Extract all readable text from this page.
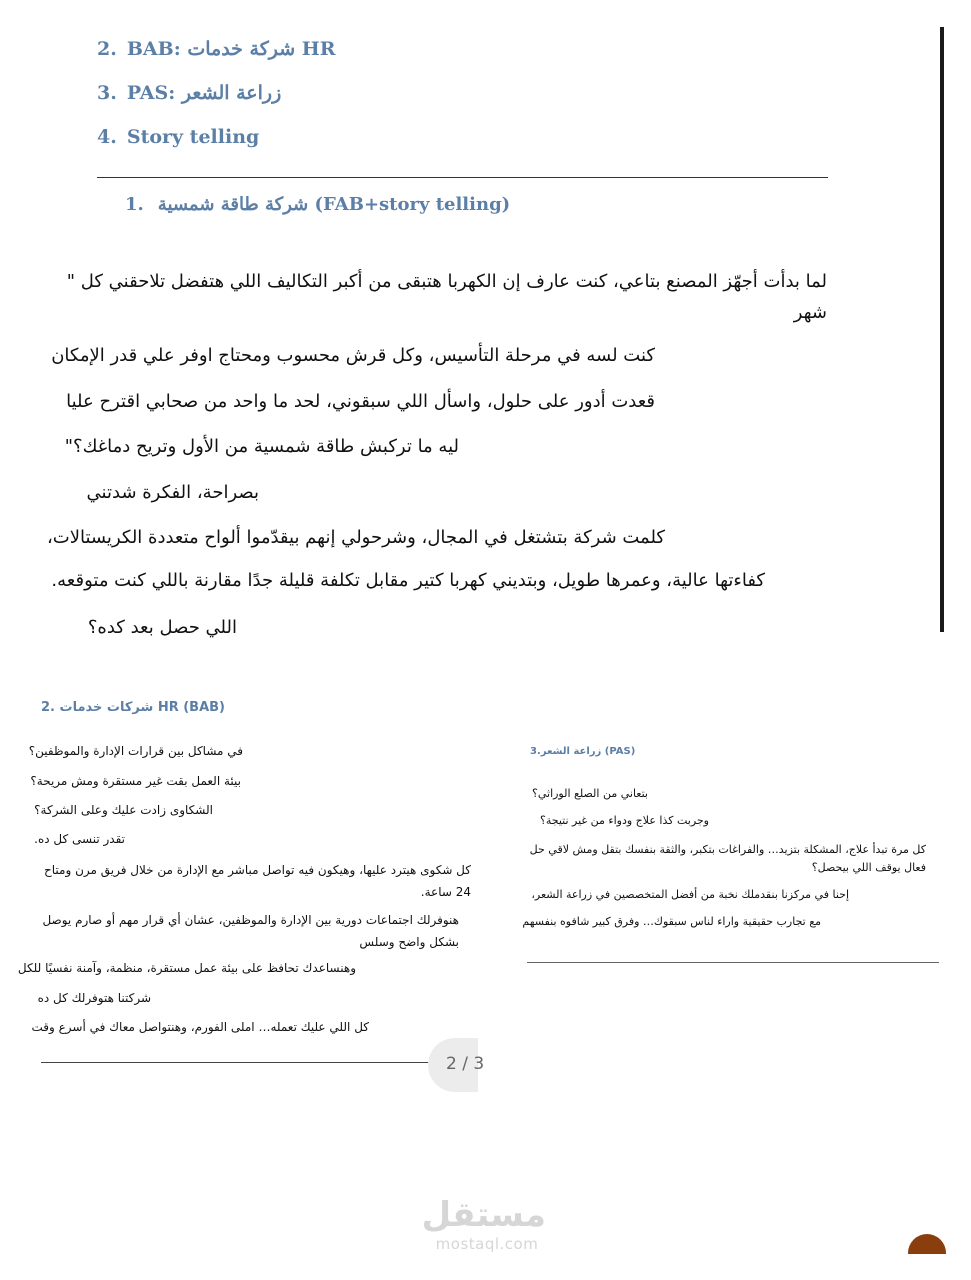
2. BAB: شركة خدمات HR
3. PAS: زراعة الشعر
4. Story telling
1. شركة طاقة شمسية (FAB+story telling)
لما بدأت أجهّز المصنع بتاعي، كنت عارف إن الكهربا هتبقى من أكبر التكاليف اللي هتفضل تلاحقني كل "
شهر
كنت لسه في مرحلة التأسيس، وكل قرش محسوب ومحتاج اوفر علي قدر الإمكان
قعدت أدور على حلول، واسأل اللي سبقوني، لحد ما واحد من صحابي اقترح عليا
ليه ما تركبش طاقة شمسية من الأول وتريح دماغك؟"
بصراحة، الفكرة شدتني
كلمت شركة بتشتغل في المجال، وشرحولي إنهم بيقدّموا ألواح متعددة الكريستالات،
كفاءتها عالية، وعمرها طويل، وبتديني كهربا كتير مقابل تكلفة قليلة جدًا مقارنة باللي كنت متوقعه.
اللي حصل بعد كده؟
2. شركات خدمات HR (BAB)
في مشاكل بين قرارات الإدارة والموظفين؟
بيئة العمل بقت غير مستقرة ومش مريحة؟
الشكاوى زادت عليك وعلى الشركة؟
تقدر تنسى كل ده.
كل شكوى هيترد عليها، وهيكون فيه تواصل مباشر مع الإدارة من خلال فريق مرن ومتاح 24 ساعة.
هنوفرلك اجتماعات دورية بين الإدارة والموظفين، عشان أي قرار مهم أو صارم يوصل بشكل واضح وسلس
وهنساعدك تحافظ على بيئة عمل مستقرة، منظمة، وآمنة نفسيًا للكل
شركتنا هتوفرلك كل ده
كل اللي عليك تعمله… املى الفورم، وهنتواصل معاك في أسرع وقت
3.زراعة الشعر (PAS)
بتعاني من الصلع الوراثي؟
وجربت كذا علاج ودواء من غير نتيجة؟
كل مرة تبدأ علاج، المشكلة بتزيد… والفراغات بتكبر، والثقة بنفسك بتقل ومش لاقي حل فعال يوقف اللي بيحصل؟
إحنا في مركزنا بنقدملك نخبة من أفضل المتخصصين في زراعة الشعر،
مع تجارب حقيقية واراء لناس سبقوك… وفرق كبير شافوه بنفسهم
2 / 3
مستقل
mostaql.com
